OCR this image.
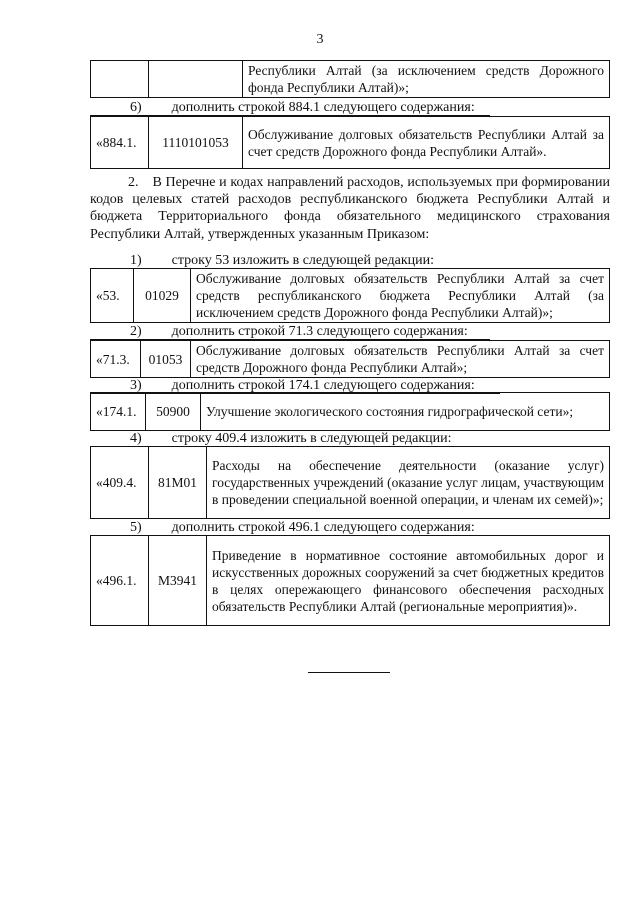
3
		Республики Алтай (за исключением средств Дорожного фонда Республики Алтай)»;
6) дополнить строкой 884.1 следующего содержания:
«884.1.	1110101053	Обслуживание долговых обязательств Республики Алтай за счет средств Дорожного фонда Республики Алтай».
2. В Перечне и кодах направлений расходов, используемых при формировании кодов целевых статей расходов республиканского бюджета Республики Алтай и бюджета Территориального фонда обязательного медицинского страхования Республики Алтай, утвержденных указанным Приказом:
1) строку 53 изложить в следующей редакции:
«53.	01029	Обслуживание долговых обязательств Республики Алтай за счет средств республиканского бюджета Республики Алтай (за исключением средств Дорожного фонда Республики Алтай)»;
2) дополнить строкой 71.3 следующего содержания:
«71.3.	01053	Обслуживание долговых обязательств Республики Алтай за счет средств Дорожного фонда Республики Алтай»;
3) дополнить строкой 174.1 следующего содержания:
«174.1.	50900	Улучшение экологического состояния гидрографической сети»;
4) строку 409.4 изложить в следующей редакции:
«409.4.	81М01	Расходы на обеспечение деятельности (оказание услуг) государственных учреждений (оказание услуг лицам, участвующим в проведении специальной военной операции, и членам их семей)»;
5) дополнить строкой 496.1 следующего содержания:
«496.1.	М3941	Приведение в нормативное состояние автомобильных дорог и искусственных дорожных сооружений за счет бюджетных кредитов в целях опережающего финансового обеспечения расходных обязательств Республики Алтай (региональные мероприятия)».
